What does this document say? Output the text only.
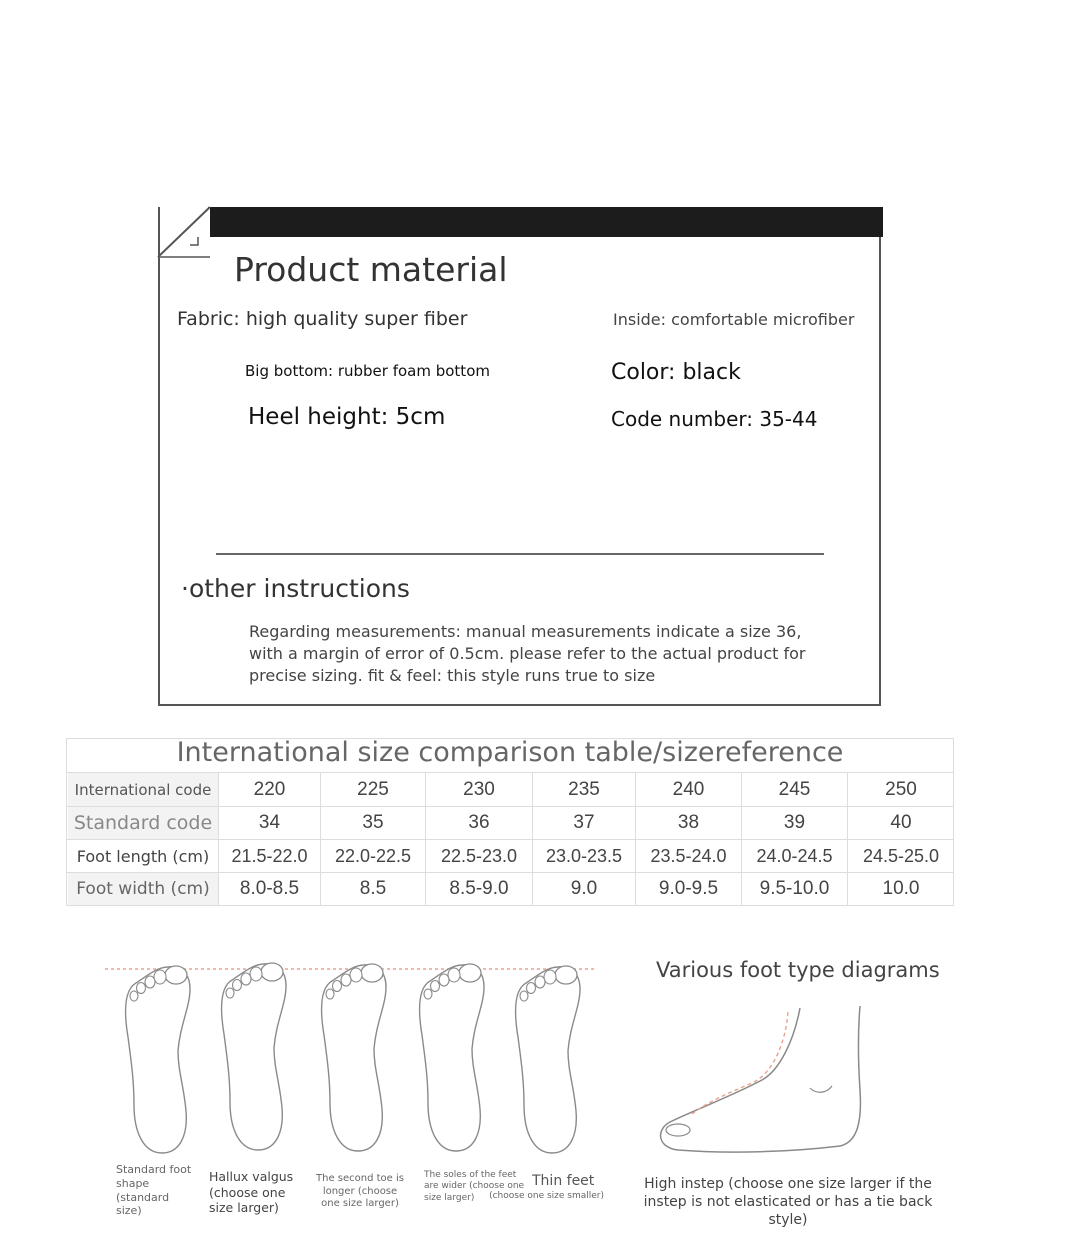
Product material
Fabric: high quality super fiber	Inside: comfortable microfiber
Big bottom: rubber foam bottom	Color: black
Heel height: 5cm	Code number: 35-44
·other instructions
Regarding measurements: manual measurements indicate a size 36, with a margin of error of 0.5cm. please refer to the actual product for precise sizing. fit & feel: this style runs true to size
International size comparison table/sizereference
International code	220	225	230	235	240	245	250
Standard code	34	35	36	37	38	39	40
Foot length (cm)	21.5-22.0	22.0-22.5	22.5-23.0	23.0-23.5	23.5-24.0	24.0-24.5	24.5-25.0
Foot width (cm)	8.0-8.5	8.5	8.5-9.0	9.0	9.0-9.5	9.5-10.0	10.0
Standard foot shape (standard size)
Hallux valgus (choose one size larger)
The second toe is longer (choose one size larger)
The soles of the feet are wider (choose one size larger)
Thin feet
(choose one size smaller)
Various foot type diagrams
High instep (choose one size larger if the instep is not elasticated or has a tie back style)
